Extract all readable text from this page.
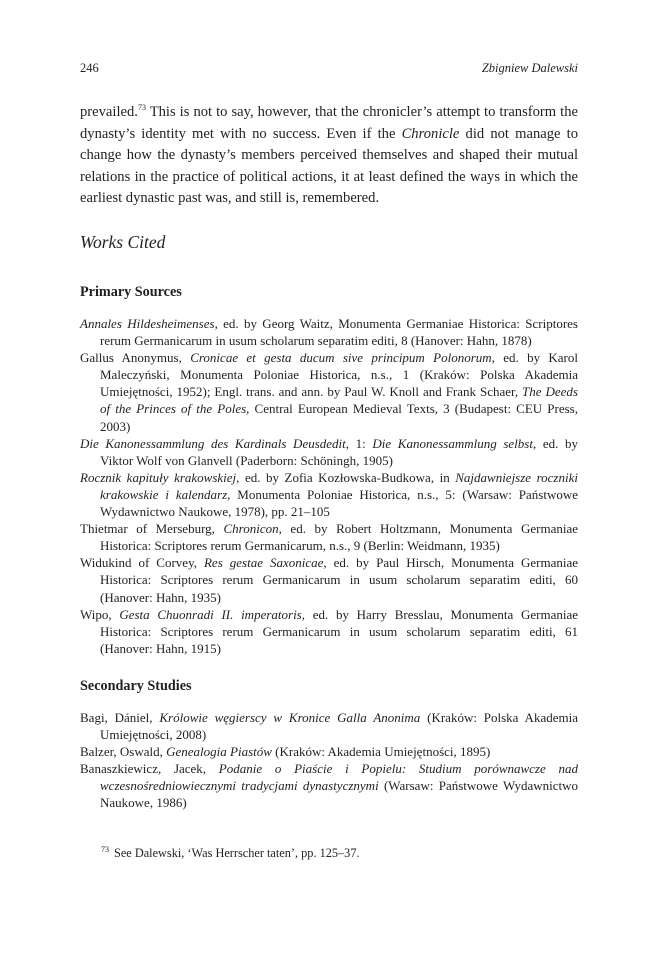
246	Zbigniew Dalewski

prevailed.$^{73}$ This is not to say, however, that the chronicler’s attempt to transform the dynasty’s identity met with no success. Even if the Chronicle did not manage to change how the dynasty’s members perceived themselves and shaped their mutual relations in the practice of political actions, it at least defined the ways in which the earliest dynastic past was, and still is, remembered.

Works Cited
Primary Sources

Annales Hildesheimenses, ed. by Georg Waitz, Monumenta Germaniae Historica: Scriptores rerum Germanicarum in usum scholarum separatim editi, 8 (Hanover: Hahn, 1878)

Gallus Anonymus, Cronicae et gesta ducum sive principum Polonorum, ed. by Karol Maleczyński, Monumenta Poloniae Historica, n.s., 1 (Kraków: Polska Akademia Umiejętności, 1952); Engl. trans. and ann. by Paul W. Knoll and Frank Schaer, The Deeds of the Princes of the Poles, Central European Medieval Texts, 3 (Budapest: CEU Press, 2003)

Die Kanonessammlung des Kardinals Deusdedit, 1: Die Kanonessammlung selbst, ed. by Viktor Wolf von Glanvell (Paderborn: Schöningh, 1905)

Rocznik kapituły krakowskiej, ed. by Zofia Kozłowska-Budkowa, in Najdawniejsze roczniki krakowskie i kalendarz, Monumenta Poloniae Historica, n.s., 5: (Warsaw: Państwowe Wydawnictwo Naukowe, 1978), pp. 21–105

Thietmar of Merseburg, Chronicon, ed. by Robert Holtzmann, Monumenta Germaniae Historica: Scriptores rerum Germanicarum, n.s., 9 (Berlin: Weidmann, 1935)

Widukind of Corvey, Res gestae Saxonicae, ed. by Paul Hirsch, Monumenta Germaniae Historica: Scriptores rerum Germanicarum in usum scholarum separatim editi, 60 (Hanover: Hahn, 1935)

Wipo, Gesta Chuonradi II. imperatoris, ed. by Harry Bresslau, Monumenta Germaniae Historica: Scriptores rerum Germanicarum in usum scholarum separatim editi, 61 (Hanover: Hahn, 1915)

Secondary Studies

Bagi, Dániel, Królowie węgierscy w Kronice Galla Anonima (Kraków: Polska Akademia Umiejętności, 2008)

Balzer, Oswald, Genealogia Piastów (Kraków: Akademia Umiejętności, 1895)

Banaszkiewicz, Jacek, Podanie o Piaście i Popielu: Studium porównawcze nad wczesnośredniowiecznymi tradycjami dynastycznymi (Warsaw: Państwowe Wydawnictwo Naukowe, 1986)

$^{73}$ See Dalewski, ‘Was Herrscher taten’, pp. 125–37.
